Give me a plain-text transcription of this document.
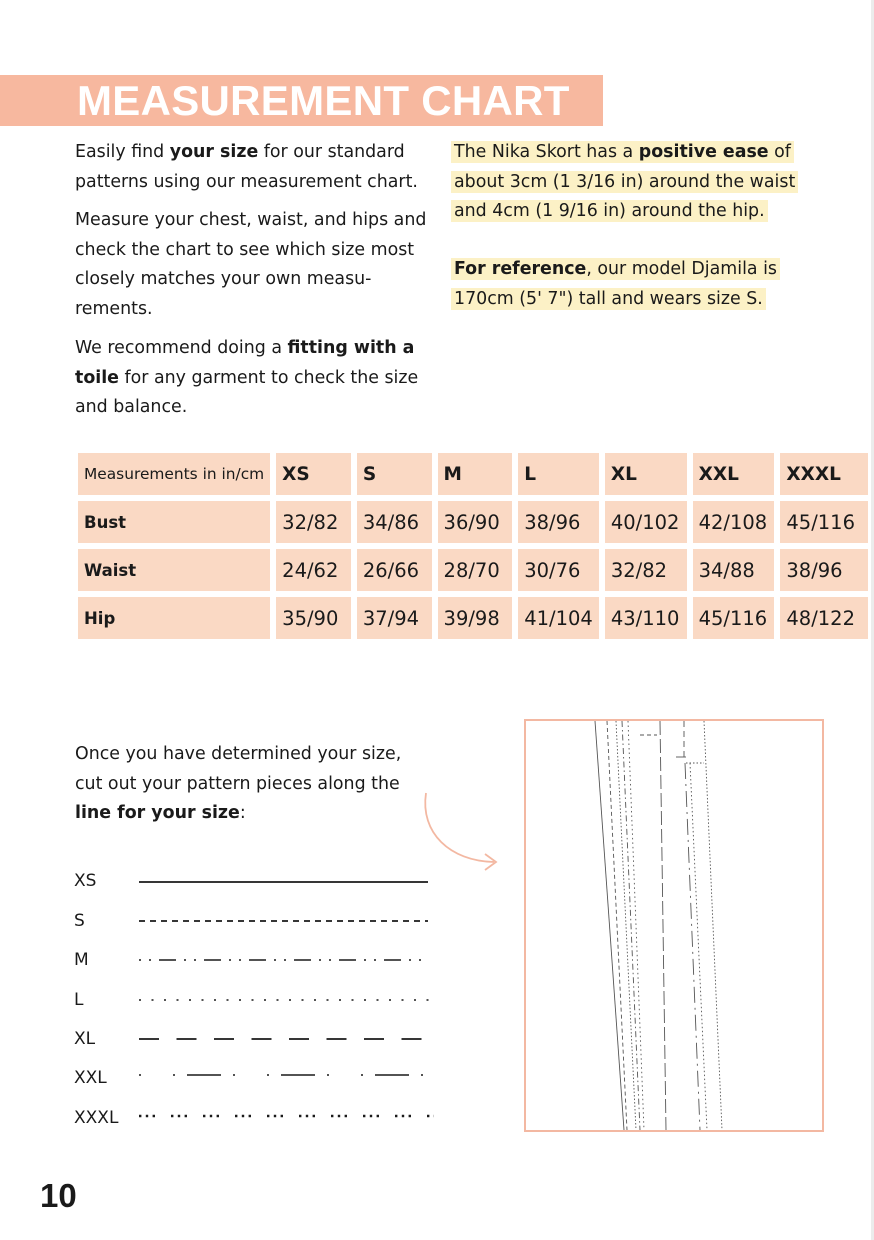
MEASUREMENT CHART

Easily find your size for our standard patterns using our measurement chart.

Measure your chest, waist, and hips and check the chart to see which size most closely matches your own measu-rements.

We recommend doing a fitting with a toile for any garment to check the size and balance.

The Nika Skort has a positive ease of about 3cm (1 3/16 in) around the waist and 4cm (1 9/16 in) around the hip.

For reference, our model Djamila is 170cm (5' 7") tall and wears size S.

Measurements in in/cm	XS	S	M	L	XL	XXL	XXXL
Bust	32/82	34/86	36/90	38/96	40/102	42/108	45/116
Waist	24/62	26/66	28/70	30/76	32/82	34/88	38/96
Hip	35/90	37/94	39/98	41/104	43/110	45/116	48/122

Once you have determined your size, cut out your pattern pieces along the line for your size:

XS
S
M
L
XL
XXL
XXXL
10
